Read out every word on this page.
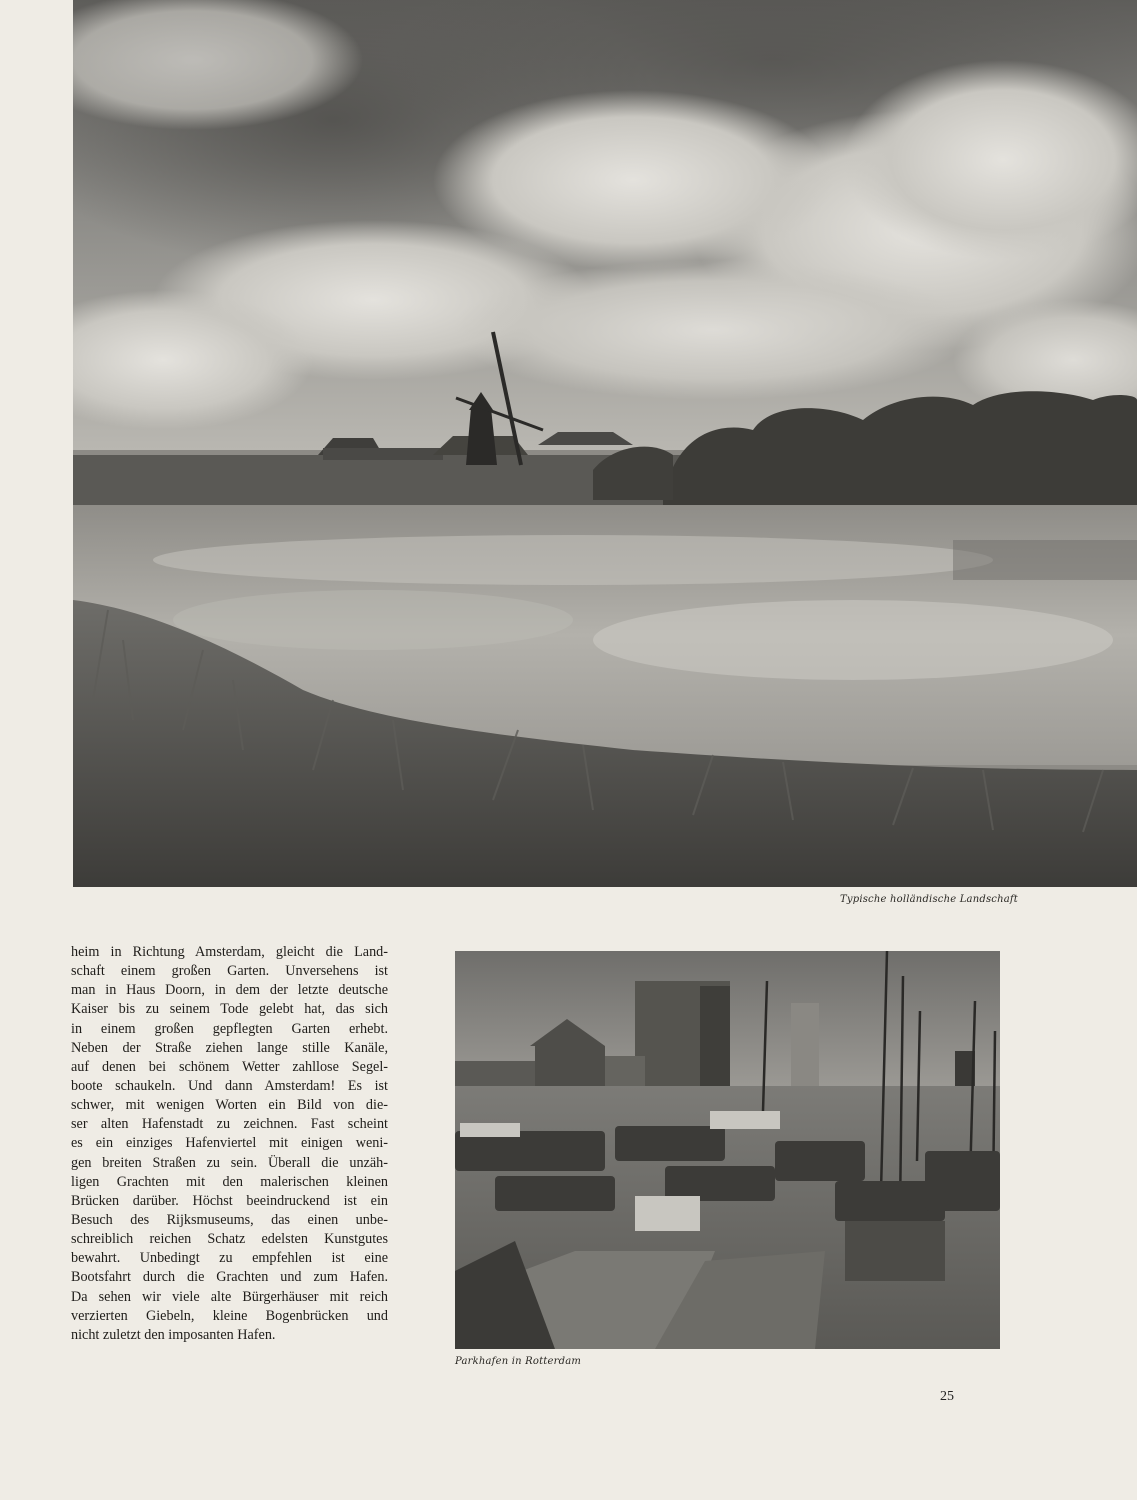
Typische holländische Landschaft
heim in Richtung Amsterdam, gleicht die Land-
schaft einem großen Garten. Unversehens ist
man in Haus Doorn, in dem der letzte deutsche
Kaiser bis zu seinem Tode gelebt hat, das sich
in einem großen gepflegten Garten erhebt.
Neben der Straße ziehen lange stille Kanäle,
auf denen bei schönem Wetter zahllose Segel-
boote schaukeln. Und dann Amsterdam! Es ist
schwer, mit wenigen Worten ein Bild von die-
ser alten Hafenstadt zu zeichnen. Fast scheint
es ein einziges Hafenviertel mit einigen weni-
gen breiten Straßen zu sein. Überall die unzäh-
ligen Grachten mit den malerischen kleinen
Brücken darüber. Höchst beeindruckend ist ein
Besuch des Rijksmuseums, das einen unbe-
schreiblich reichen Schatz edelsten Kunstgutes
bewahrt. Unbedingt zu empfehlen ist eine
Bootsfahrt durch die Grachten und zum Hafen.
Da sehen wir viele alte Bürgerhäuser mit reich
verzierten Giebeln, kleine Bogenbrücken und
nicht zuletzt den imposanten Hafen.
Parkhafen in Rotterdam
25
